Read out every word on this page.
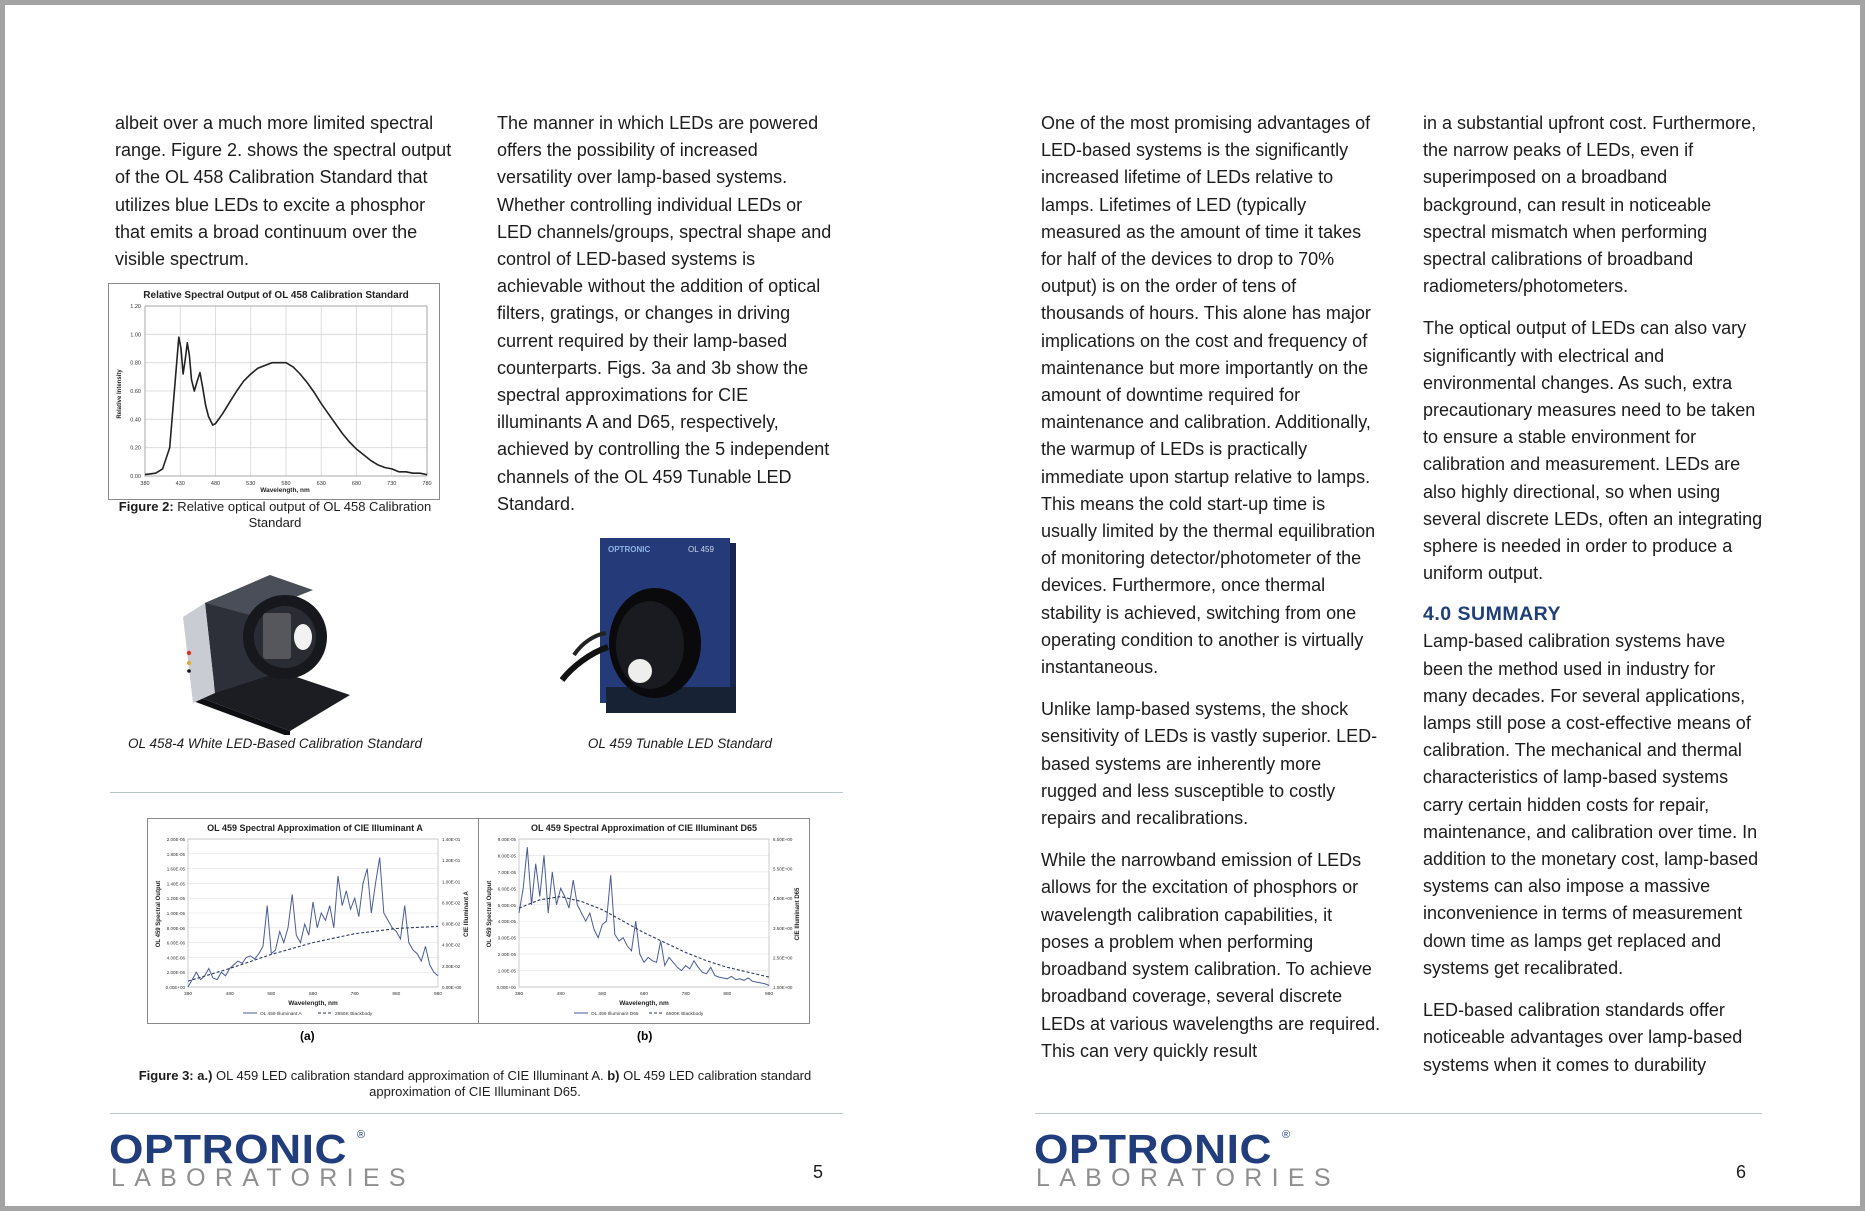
albeit over a much more limited spectral range. Figure 2. shows the spectral output of the OL 458 Calibration Standard that utilizes blue LEDs to excite a phosphor that emits a broad continuum over the visible spectrum.

Relative Spectral Output of OL 458 Calibration Standard
Wavelength, nm
Relative Intensity
0.00
0.20
0.40
0.60
0.80
1.00
1.20
380	430	480	530	580	630	680	730	780
Figure 2: Relative optical output of OL 458 Calibration Standard

The manner in which LEDs are powered offers the possibility of increased versatility over lamp-based systems. Whether controlling individual LEDs or LED channels/groups, spectral shape and control of LED-based systems is achievable without the addition of optical filters, gratings, or changes in driving current required by their lamp-based counterparts. Figs. 3a and 3b show the spectral approximations for CIE illuminants A and D65, respectively, achieved by controlling the 5 independent channels of the OL 459 Tunable LED Standard.

OL 458-4 White LED-Based Calibration Standard
OPTRONIC	OL 459
OL 459 Tunable LED Standard
OL 459 Spectral Approximation of CIE Illuminant A
Wavelength, nm
OL 459 Spectral Output	CIE Illuminant A
0.00E+00
2.00E-06
4.00E-06
6.00E-06
8.00E-06
1.00E-05
1.20E-05
1.40E-05
1.60E-05
1.80E-05
2.00E-05
0.00E+00
2.00E-02
4.00E-02
6.00E-02
8.00E-02
1.00E-01
1.20E-01
1.40E-01
380	480	580	680	780	880	980
OL 459 Illuminant A	2856K Blackbody
OL 459 Spectral Approximation of CIE Illuminant D65
Wavelength, nm
OL 459 Spectral Output	CIE Illuminant D65
0.00E+00
1.00E-05
2.00E-05
3.00E-05
4.00E-05
5.00E-05
6.00E-05
7.00E-05
8.00E-05
9.00E-05
1.00E+00
2.50E+00
3.50E+00
4.50E+00
5.50E+00
6.50E+00
380	480	580	680	780	880	980
OL 459 Illuminant D65	6500K Blackbody
(a)	(b)
Figure 3: a.) OL 459 LED calibration standard approximation of CIE Illuminant A. b) OL 459 LED calibration standard approximation of CIE Illuminant D65.
OPTRONIC ®
LABORATORIES	5

One of the most promising advantages of LED-based systems is the significantly increased lifetime of LEDs relative to lamps. Lifetimes of LED (typically measured as the amount of time it takes for half of the devices to drop to 70% output) is on the order of tens of thousands of hours. This alone has major implications on the cost and frequency of maintenance but more importantly on the amount of downtime required for maintenance and calibration. Additionally, the warmup of LEDs is practically immediate upon startup relative to lamps. This means the cold start-up time is usually limited by the thermal equilibration of monitoring detector/photometer of the devices. Furthermore, once thermal stability is achieved, switching from one operating condition to another is virtually instantaneous.

Unlike lamp-based systems, the shock sensitivity of LEDs is vastly superior. LED-based systems are inherently more rugged and less susceptible to costly repairs and recalibrations.

While the narrowband emission of LEDs allows for the excitation of phosphors or wavelength calibration capabilities, it poses a problem when performing broadband system calibration. To achieve broadband coverage, several discrete LEDs at various wavelengths are required. This can very quickly result

in a substantial upfront cost. Furthermore, the narrow peaks of LEDs, even if superimposed on a broadband background, can result in noticeable spectral mismatch when performing spectral calibrations of broadband radiometers/photometers.

The optical output of LEDs can also vary significantly with electrical and environmental changes. As such, extra precautionary measures need to be taken to ensure a stable environment for calibration and measurement. LEDs are also highly directional, so when using several discrete LEDs, often an integrating sphere is needed in order to produce a uniform output.

4.0 SUMMARY

Lamp-based calibration systems have been the method used in industry for many decades. For several applications, lamps still pose a cost-effective means of calibration. The mechanical and thermal characteristics of lamp-based systems carry certain hidden costs for repair, maintenance, and calibration over time. In addition to the monetary cost, lamp-based systems can also impose a massive inconvenience in terms of measurement down time as lamps get replaced and systems get recalibrated.

LED-based calibration standards offer noticeable advantages over lamp-based systems when it comes to durability

OPTRONIC ®
LABORATORIES	6
